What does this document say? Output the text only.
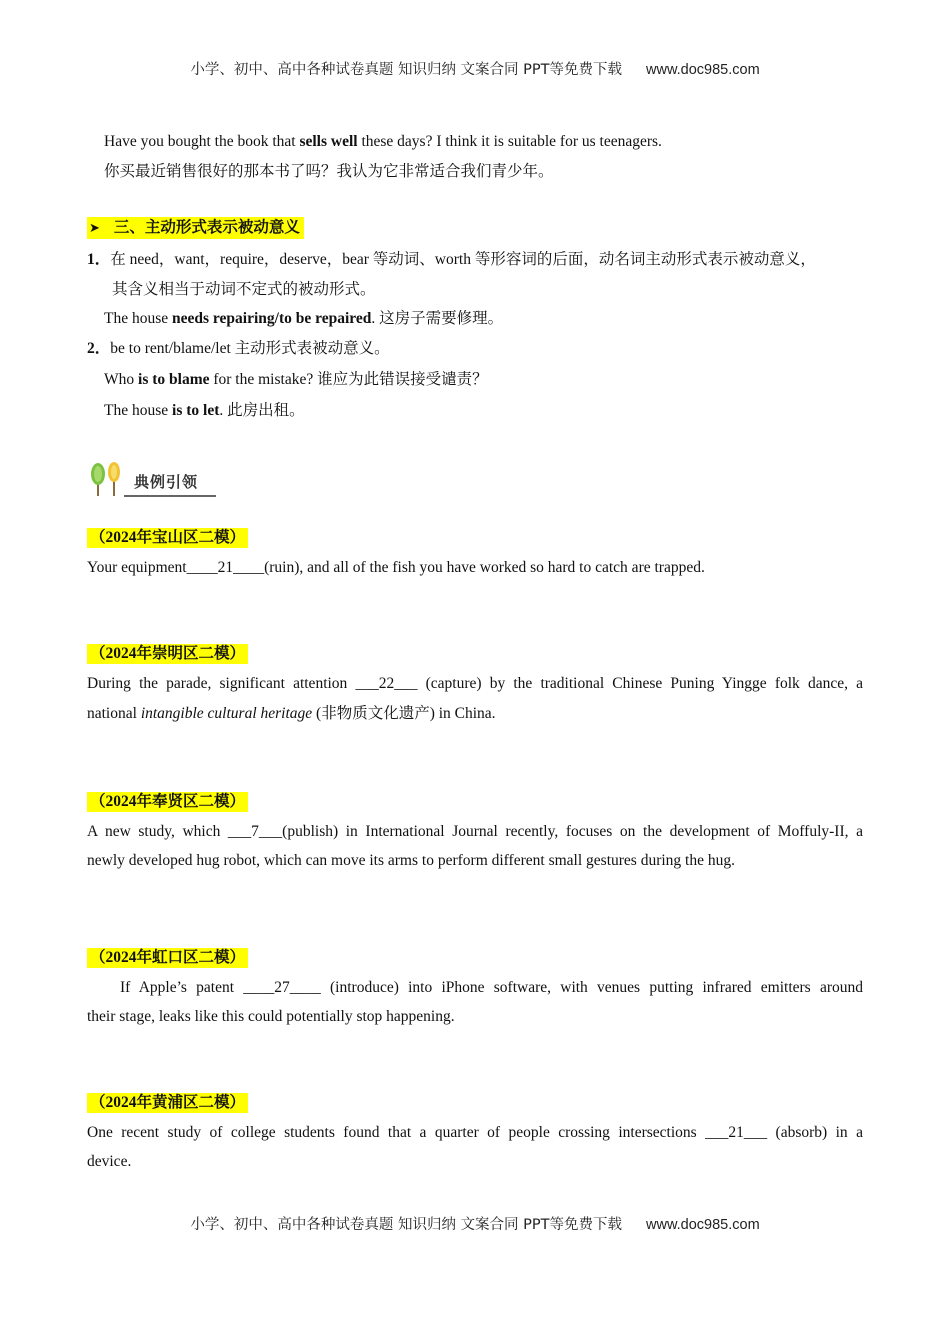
小学、初中、高中各种试卷真题 知识归纳 文案合同 PPT等免费下载 www.doc985.com
Have you bought the book that sells well these days? I think it is suitable for us teenagers.
你买最近销售很好的那本书了吗？我认为它非常适合我们青少年。
➤ 三、主动形式表示被动意义
1．在 need，want，require，deserve，bear 等动词、worth 等形容词的后面，动名词主动形式表示被动意义，
其含义相当于动词不定式的被动形式。
The house needs repairing/to be repaired. 这房子需要修理。
2．be to rent/blame/let 主动形式表被动意义。
Who is to blame for the mistake? 谁应为此错误接受谴责？
The house is to let. 此房出租。
典例引领
（2024年宝山区二模）
Your equipment____21____(ruin), and all of the fish you have worked so hard to catch are trapped.
（2024年崇明区二模）
During the parade, significant attention ___22___ (capture) by the traditional Chinese Puning Yingge folk dance, a
national intangible cultural heritage (非物质文化遗产) in China.
（2024年奉贤区二模）
A new study, which ___7___(publish) in International Journal recently, focuses on the development of Moffuly-II, a
newly developed hug robot, which can move its arms to perform different small gestures during the hug.
（2024年虹口区二模）
If Apple’s patent ____27____ (introduce) into iPhone software, with venues putting infrared emitters around
their stage, leaks like this could potentially stop happening.
（2024年黄浦区二模）
One recent study of college students found that a quarter of people crossing intersections ___21___ (absorb) in a
device.
小学、初中、高中各种试卷真题 知识归纳 文案合同 PPT等免费下载 www.doc985.com
